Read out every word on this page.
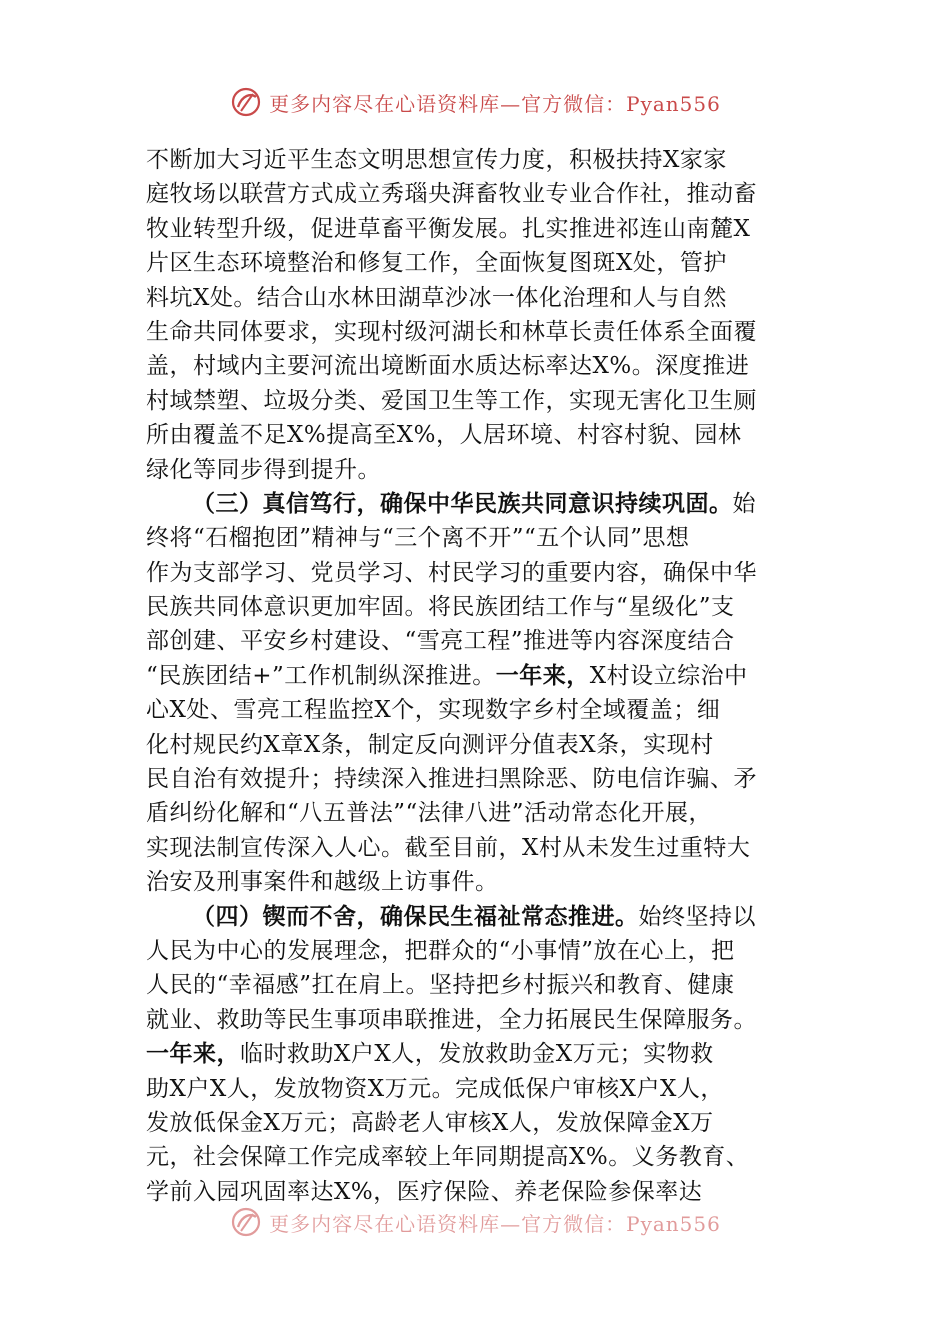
更多内容尽在心语资料库—官方微信：Pyan556
不断加大习近平生态文明思想宣传力度，积极扶持X家家
庭牧场以联营方式成立秀瑙央湃畜牧业专业合作社，推动畜
牧业转型升级，促进草畜平衡发展。扎实推进祁连山南麓X
片区生态环境整治和修复工作，全面恢复图斑X处，管护
料坑X处。结合山水林田湖草沙冰一体化治理和人与自然
生命共同体要求，实现村级河湖长和林草长责任体系全面覆
盖，村域内主要河流出境断面水质达标率达X%。深度推进
村域禁塑、垃圾分类、爱国卫生等工作，实现无害化卫生厕
所由覆盖不足X%提高至X%，人居环境、村容村貌、园林
绿化等同步得到提升。
（三）真信笃行，确保中华民族共同意识持续巩固。始
终将“石榴抱团”精神与“三个离不开”“五个认同”思想
作为支部学习、党员学习、村民学习的重要内容，确保中华
民族共同体意识更加牢固。将民族团结工作与“星级化”支
部创建、平安乡村建设、“雪亮工程”推进等内容深度结合
“民族团结+”工作机制纵深推进。一年来，X村设立综治中
心X处、雪亮工程监控X个，实现数字乡村全域覆盖；细
化村规民约X章X条，制定反向测评分值表X条，实现村
民自治有效提升；持续深入推进扫黑除恶、防电信诈骗、矛
盾纠纷化解和“八五普法”“法律八进”活动常态化开展，
实现法制宣传深入人心。截至目前，X村从未发生过重特大
治安及刑事案件和越级上访事件。
（四）锲而不舍，确保民生福祉常态推进。始终坚持以
人民为中心的发展理念，把群众的“小事情”放在心上，把
人民的“幸福感”扛在肩上。坚持把乡村振兴和教育、健康
就业、救助等民生事项串联推进，全力拓展民生保障服务。
一年来，临时救助X户X人，发放救助金X万元；实物救
助X户X人，发放物资X万元。完成低保户审核X户X人，
发放低保金X万元；高龄老人审核X人，发放保障金X万
元，社会保障工作完成率较上年同期提高X%。义务教育、
学前入园巩固率达X%，医疗保险、养老保险参保率达
更多内容尽在心语资料库—官方微信：Pyan556
